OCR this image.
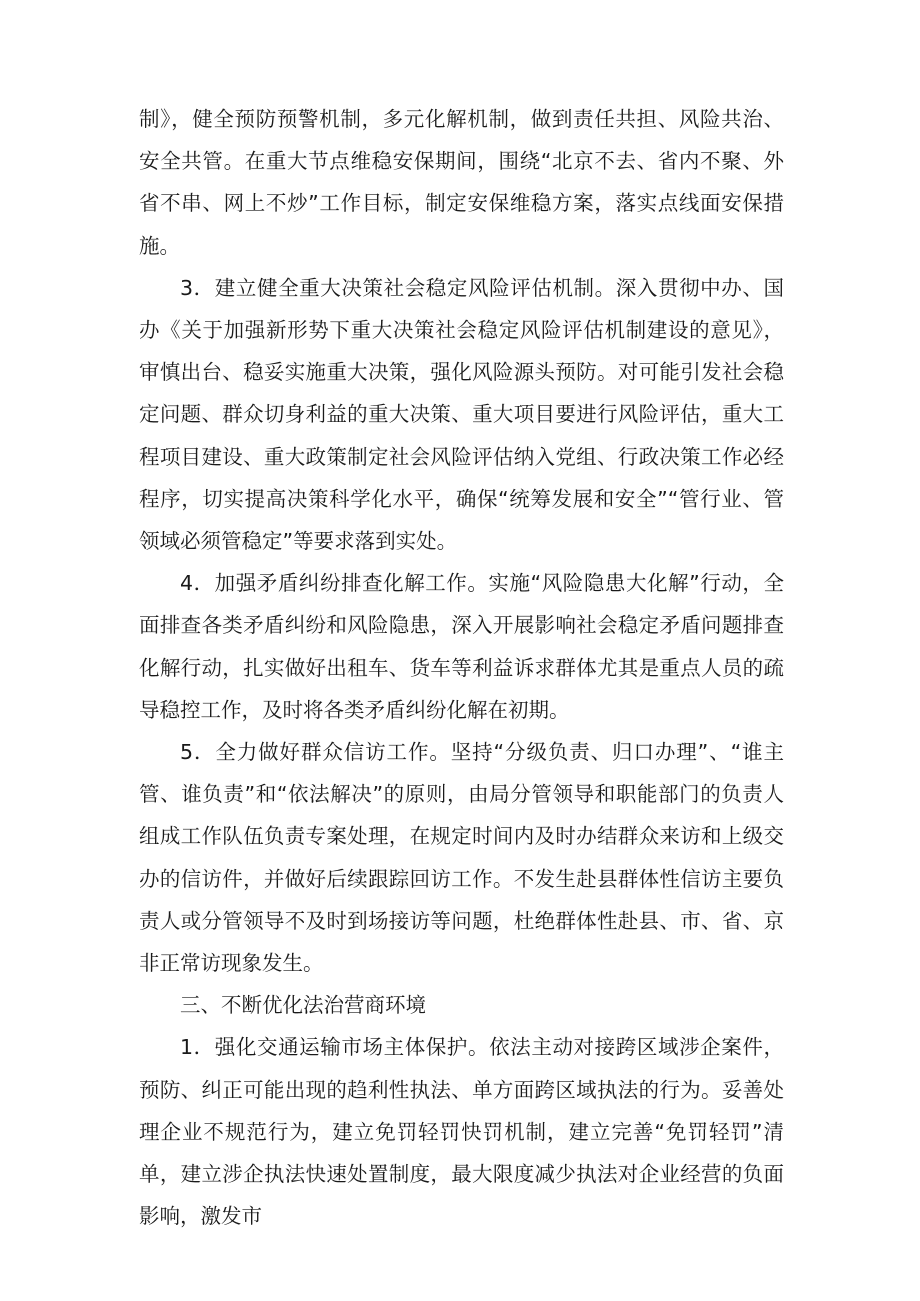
制》，健全预防预警机制，多元化解机制，做到责任共担、风险共治、安全共管。在重大节点维稳安保期间，围绕“北京不去、省内不聚、外省不串、网上不炒”工作目标，制定安保维稳方案，落实点线面安保措施。

3．建立健全重大决策社会稳定风险评估机制。深入贯彻中办、国办《关于加强新形势下重大决策社会稳定风险评估机制建设的意见》，审慎出台、稳妥实施重大决策，强化风险源头预防。对可能引发社会稳定问题、群众切身利益的重大决策、重大项目要进行风险评估，重大工程项目建设、重大政策制定社会风险评估纳入党组、行政决策工作必经程序，切实提高决策科学化水平，确保“统筹发展和安全”“管行业、管领域必须管稳定”等要求落到实处。

4．加强矛盾纠纷排查化解工作。实施“风险隐患大化解”行动，全面排查各类矛盾纠纷和风险隐患，深入开展影响社会稳定矛盾问题排查化解行动，扎实做好出租车、货车等利益诉求群体尤其是重点人员的疏导稳控工作，及时将各类矛盾纠纷化解在初期。

5．全力做好群众信访工作。坚持“分级负责、归口办理”、“谁主管、谁负责”和“依法解决”的原则，由局分管领导和职能部门的负责人组成工作队伍负责专案处理，在规定时间内及时办结群众来访和上级交办的信访件，并做好后续跟踪回访工作。不发生赴县群体性信访主要负责人或分管领导不及时到场接访等问题，杜绝群体性赴县、市、省、京非正常访现象发生。

三、不断优化法治营商环境

1．强化交通运输市场主体保护。依法主动对接跨区域涉企案件，预防、纠正可能出现的趋利性执法、单方面跨区域执法的行为。妥善处理企业不规范行为，建立免罚轻罚快罚机制，建立完善“免罚轻罚”清单，建立涉企执法快速处置制度，最大限度减少执法对企业经营的负面影响，激发市
